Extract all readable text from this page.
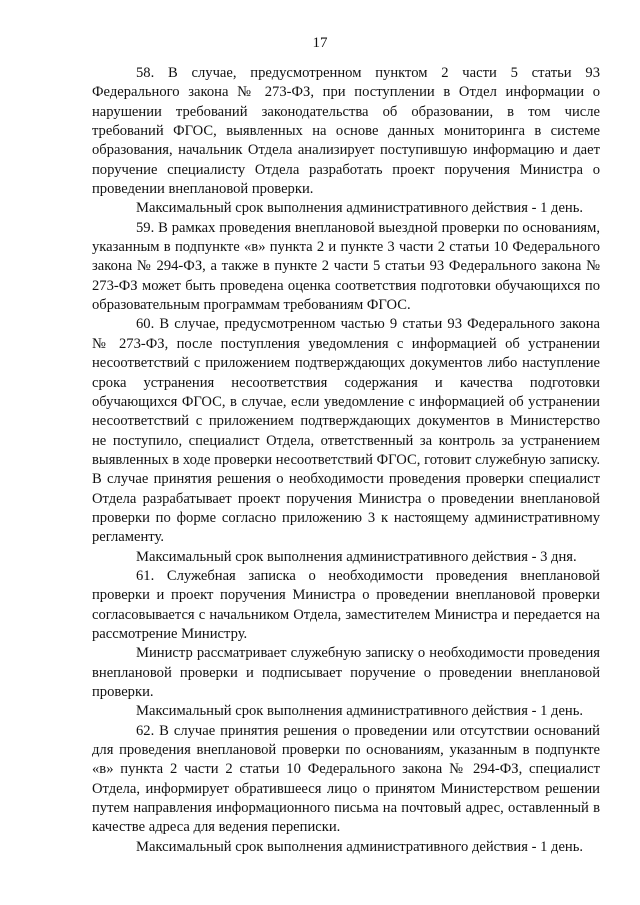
17

58. В случае, предусмотренном пунктом 2 части 5 статьи 93 Федерального закона № 273-ФЗ, при поступлении в Отдел информации о нарушении требований законодательства об образовании, в том числе требований ФГОС, выявленных на основе данных мониторинга в системе образования, начальник Отдела анализирует поступившую информацию и дает поручение специалисту Отдела разработать проект поручения Министра о проведении внеплановой проверки.

Максимальный срок выполнения административного действия - 1 день.

59. В рамках проведения внеплановой выездной проверки по основаниям, указанным в подпункте «в» пункта 2 и пункте 3 части 2 статьи 10 Федерального закона № 294-ФЗ, а также в пункте 2 части 5 статьи 93 Федерального закона № 273-ФЗ может быть проведена оценка соответствия подготовки обучающихся по образовательным программам требованиям ФГОС.

60. В случае, предусмотренном частью 9 статьи 93 Федерального закона № 273-ФЗ, после поступления уведомления с информацией об устранении несоответствий с приложением подтверждающих документов либо наступление срока устранения несоответствия содержания и качества подготовки обучающихся ФГОС, в случае, если уведомление с информацией об устранении несоответствий с приложением подтверждающих документов в Министерство не поступило, специалист Отдела, ответственный за контроль за устранением выявленных в ходе проверки несоответствий ФГОС, готовит служебную записку. В случае принятия решения о необходимости проведения проверки специалист Отдела разрабатывает проект поручения Министра о проведении внеплановой проверки по форме согласно приложению 3 к настоящему административному регламенту.

Максимальный срок выполнения административного действия - 3 дня.

61. Служебная записка о необходимости проведения внеплановой проверки и проект поручения Министра о проведении внеплановой проверки согласовывается с начальником Отдела, заместителем Министра и передается на рассмотрение Министру.

Министр рассматривает служебную записку о необходимости проведения внеплановой проверки и подписывает поручение о проведении внеплановой проверки.

Максимальный срок выполнения административного действия - 1 день.

62. В случае принятия решения о проведении или отсутствии оснований для проведения внеплановой проверки по основаниям, указанным в подпункте «в» пункта 2 части 2 статьи 10 Федерального закона № 294-ФЗ, специалист Отдела, информирует обратившееся лицо о принятом Министерством решении путем направления информационного письма на почтовый адрес, оставленный в качестве адреса для ведения переписки.

Максимальный срок выполнения административного действия - 1 день.
